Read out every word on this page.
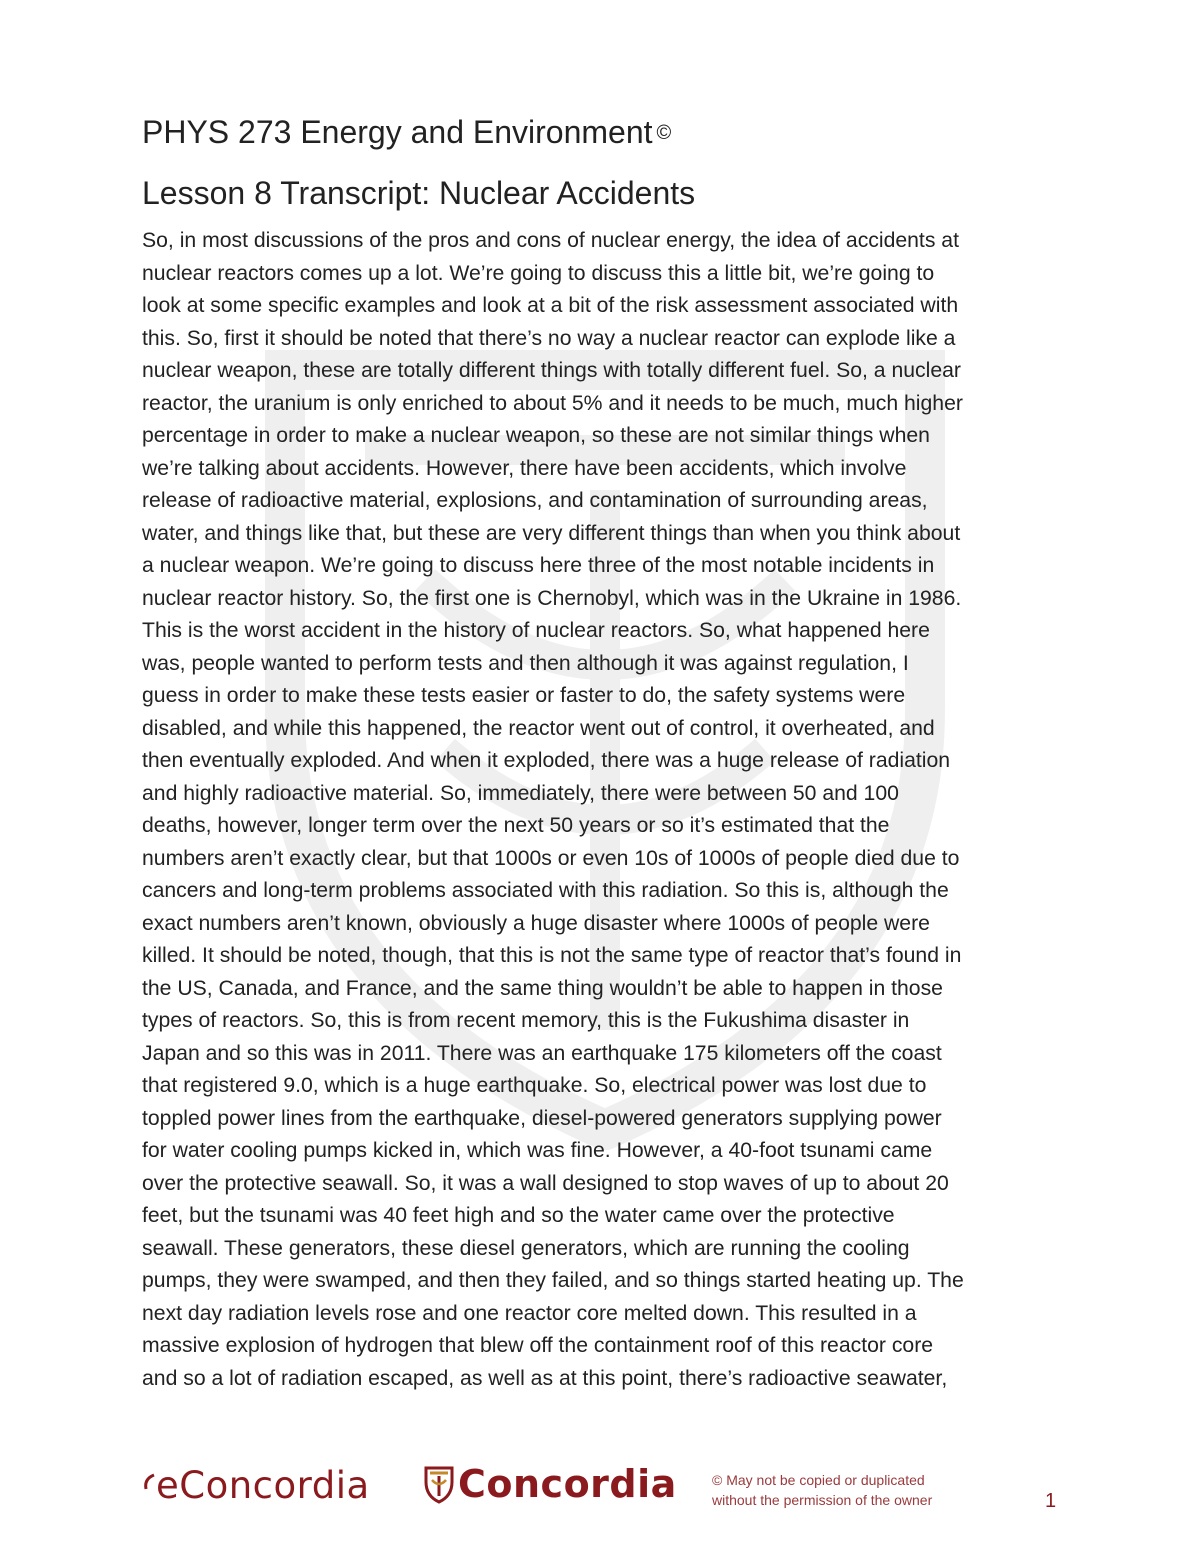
PHYS 273 Energy and Environment ©
Lesson 8 Transcript: Nuclear Accidents

So, in most discussions of the pros and cons of nuclear energy, the idea of accidents at
nuclear reactors comes up a lot. We’re going to discuss this a little bit, we’re going to
look at some specific examples and look at a bit of the risk assessment associated with
this. So, first it should be noted that there’s no way a nuclear reactor can explode like a
nuclear weapon, these are totally different things with totally different fuel. So, a nuclear
reactor, the uranium is only enriched to about 5% and it needs to be much, much higher
percentage in order to make a nuclear weapon, so these are not similar things when
we’re talking about accidents. However, there have been accidents, which involve
release of radioactive material, explosions, and contamination of surrounding areas,
water, and things like that, but these are very different things than when you think about
a nuclear weapon. We’re going to discuss here three of the most notable incidents in
nuclear reactor history. So, the first one is Chernobyl, which was in the Ukraine in 1986.
This is the worst accident in the history of nuclear reactors. So, what happened here
was, people wanted to perform tests and then although it was against regulation, I
guess in order to make these tests easier or faster to do, the safety systems were
disabled, and while this happened, the reactor went out of control, it overheated, and
then eventually exploded. And when it exploded, there was a huge release of radiation
and highly radioactive material. So, immediately, there were between 50 and 100
deaths, however, longer term over the next 50 years or so it’s estimated that the
numbers aren’t exactly clear, but that 1000s or even 10s of 1000s of people died due to
cancers and long-term problems associated with this radiation. So this is, although the
exact numbers aren’t known, obviously a huge disaster where 1000s of people were
killed. It should be noted, though, that this is not the same type of reactor that’s found in
the US, Canada, and France, and the same thing wouldn’t be able to happen in those
types of reactors. So, this is from recent memory, this is the Fukushima disaster in
Japan and so this was in 2011. There was an earthquake 175 kilometers off the coast
that registered 9.0, which is a huge earthquake. So, electrical power was lost due to
toppled power lines from the earthquake, diesel-powered generators supplying power
for water cooling pumps kicked in, which was fine. However, a 40-foot tsunami came
over the protective seawall. So, it was a wall designed to stop waves of up to about 20
feet, but the tsunami was 40 feet high and so the water came over the protective
seawall. These generators, these diesel generators, which are running the cooling
pumps, they were swamped, and then they failed, and so things started heating up. The
next day radiation levels rose and one reactor core melted down. This resulted in a
massive explosion of hydrogen that blew off the containment roof of this reactor core
and so a lot of radiation escaped, as well as at this point, there’s radioactive seawater,

eConcordia Concordia	© May not be copied or duplicated
without the permission of the owner	1
